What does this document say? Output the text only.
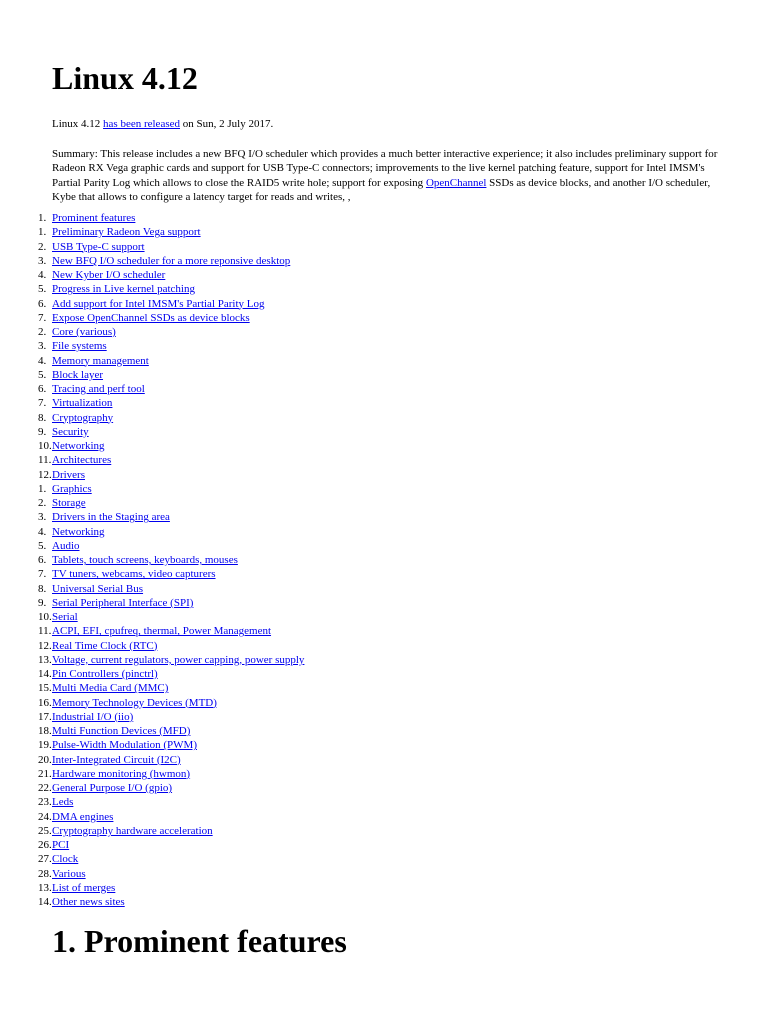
Linux 4.12

Linux 4.12 has been released on Sun, 2 July 2017.

Summary: This release includes a new BFQ I/O scheduler which provides a much better interactive experience; it also includes preliminary support for Radeon RX Vega graphic cards and support for USB Type-C connectors; improvements to the live kernel patching feature, support for Intel IMSM's Partial Parity Log which allows to close the RAID5 write hole; support for exposing OpenChannel SSDs as device blocks, and another I/O scheduler, Kybe that allows to configure a latency target for reads and writes, ,

1. Prominent features
1. Preliminary Radeon Vega support
2. USB Type-C support
3. New BFQ I/O scheduler for a more reponsive desktop
4. New Kyber I/O scheduler
5. Progress in Live kernel patching
6. Add support for Intel IMSM's Partial Parity Log
7. Expose OpenChannel SSDs as device blocks
2. Core (various)
3. File systems
4. Memory management
5. Block layer
6. Tracing and perf tool
7. Virtualization
8. Cryptography
9. Security
10. Networking
11. Architectures
12. Drivers
1. Graphics
2. Storage
3. Drivers in the Staging area
4. Networking
5. Audio
6. Tablets, touch screens, keyboards, mouses
7. TV tuners, webcams, video capturers
8. Universal Serial Bus
9. Serial Peripheral Interface (SPI)
10. Serial
11. ACPI, EFI, cpufreq, thermal, Power Management
12. Real Time Clock (RTC)
13. Voltage, current regulators, power capping, power supply
14. Pin Controllers (pinctrl)
15. Multi Media Card (MMC)
16. Memory Technology Devices (MTD)
17. Industrial I/O (iio)
18. Multi Function Devices (MFD)
19. Pulse-Width Modulation (PWM)
20. Inter-Integrated Circuit (I2C)
21. Hardware monitoring (hwmon)
22. General Purpose I/O (gpio)
23. Leds
24. DMA engines
25. Cryptography hardware acceleration
26. PCI
27. Clock
28. Various
13. List of merges
14. Other news sites
1. Prominent features
